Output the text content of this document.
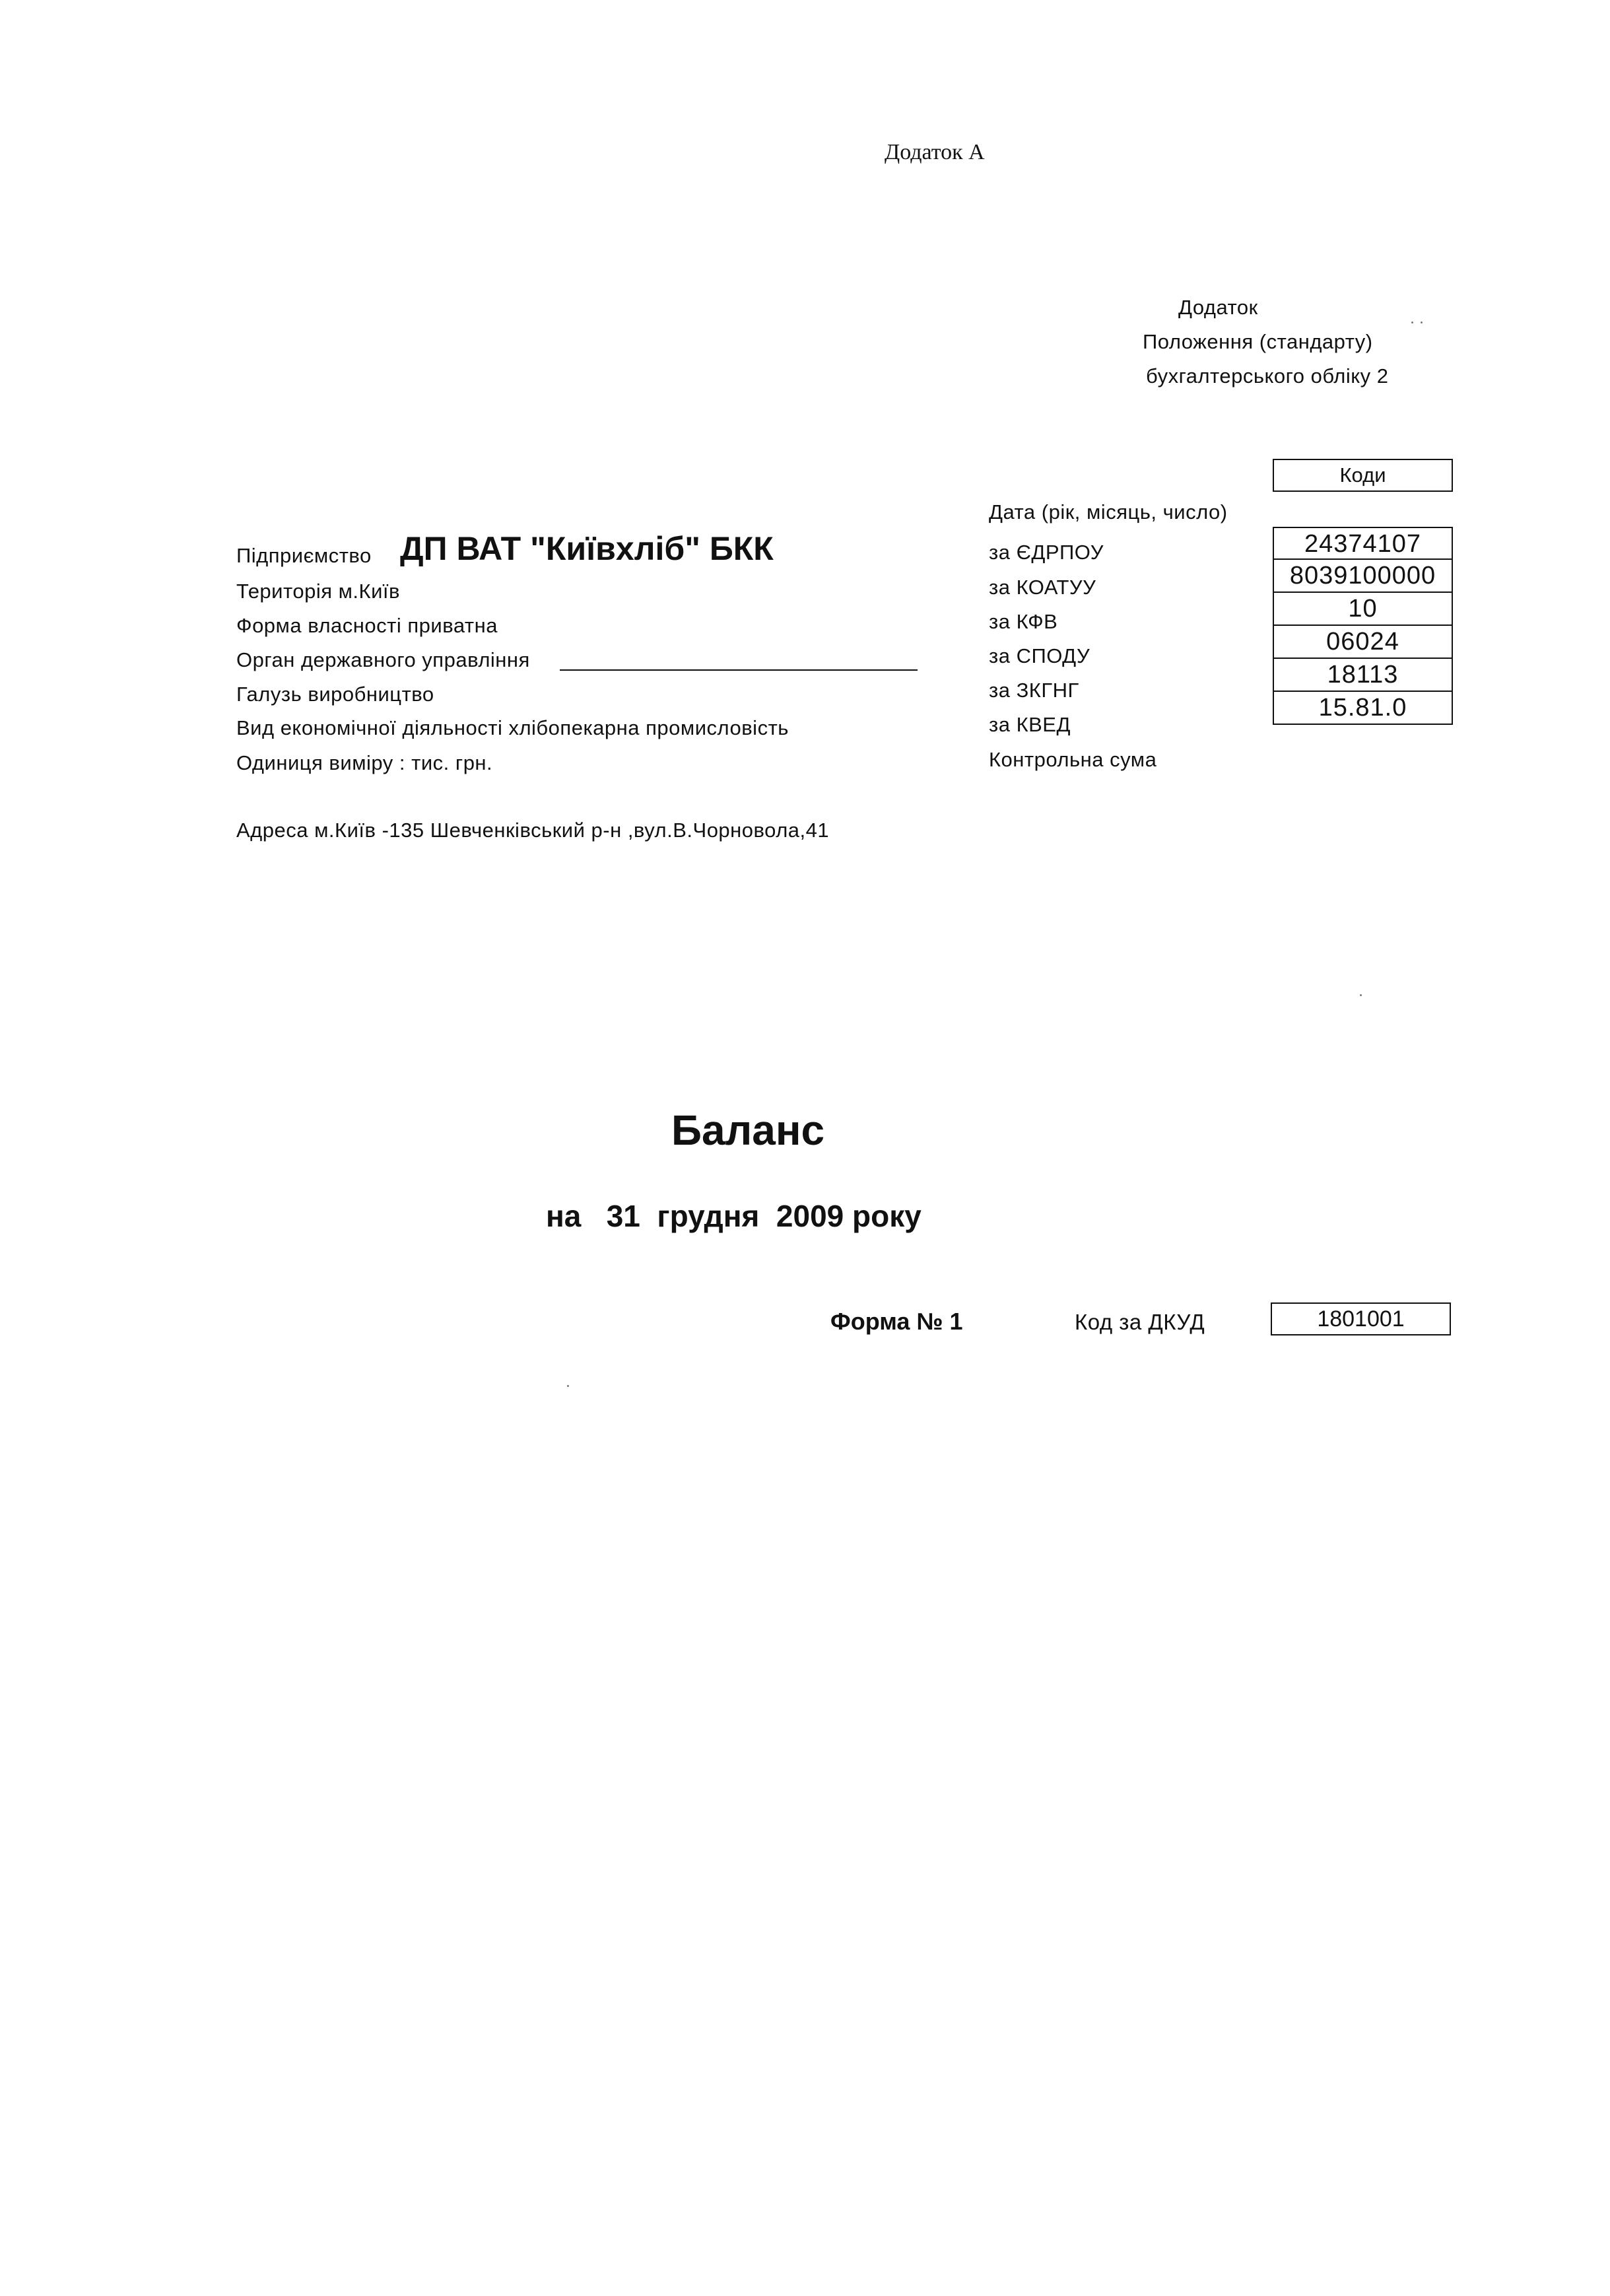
Додаток А
Додаток
Положення (стандарту)
бухгалтерського обліку 2
Коди
Дата (рік, місяць, число)
за ЄДРПОУ
за КОАТУУ
за КФВ
за СПОДУ
за ЗКГНГ
за КВЕД
Контрольна сума
24374107
8039100000
10
06024
18113
15.81.0
Підприємство ДП ВАТ "Київхліб" БКК
Територія м.Київ
Форма власності приватна
Орган державного управління
Галузь виробництво
Вид економічної діяльності хлібопекарна промисловість
Одиниця виміру : тис. грн.
Адреса м.Київ -135 Шевченківський р-н ,вул.В.Чорновола,41
Баланс
на   31  грудня  2009 року
Форма № 1	Код за ДКУД	1801001
